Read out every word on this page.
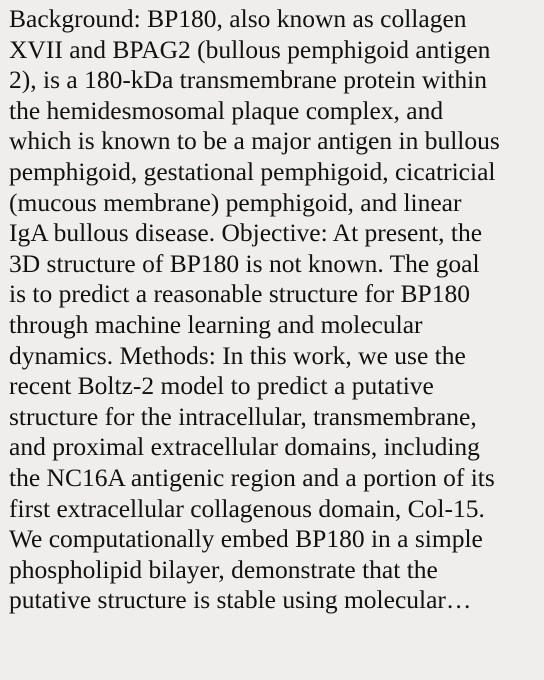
Background: BP180, also known as collagen
XVII and BPAG2 (bullous pemphigoid antigen
2), is a 180-kDa transmembrane protein within
the hemidesmosomal plaque complex, and
which is known to be a major antigen in bullous
pemphigoid, gestational pemphigoid, cicatricial
(mucous membrane) pemphigoid, and linear
IgA bullous disease. Objective: At present, the
3D structure of BP180 is not known. The goal
is to predict a reasonable structure for BP180
through machine learning and molecular
dynamics. Methods: In this work, we use the
recent Boltz-2 model to predict a putative
structure for the intracellular, transmembrane,
and proximal extracellular domains, including
the NC16A antigenic region and a portion of its
first extracellular collagenous domain, Col-15.
We computationally embed BP180 in a simple
phospholipid bilayer, demonstrate that the
putative structure is stable using molecular…
